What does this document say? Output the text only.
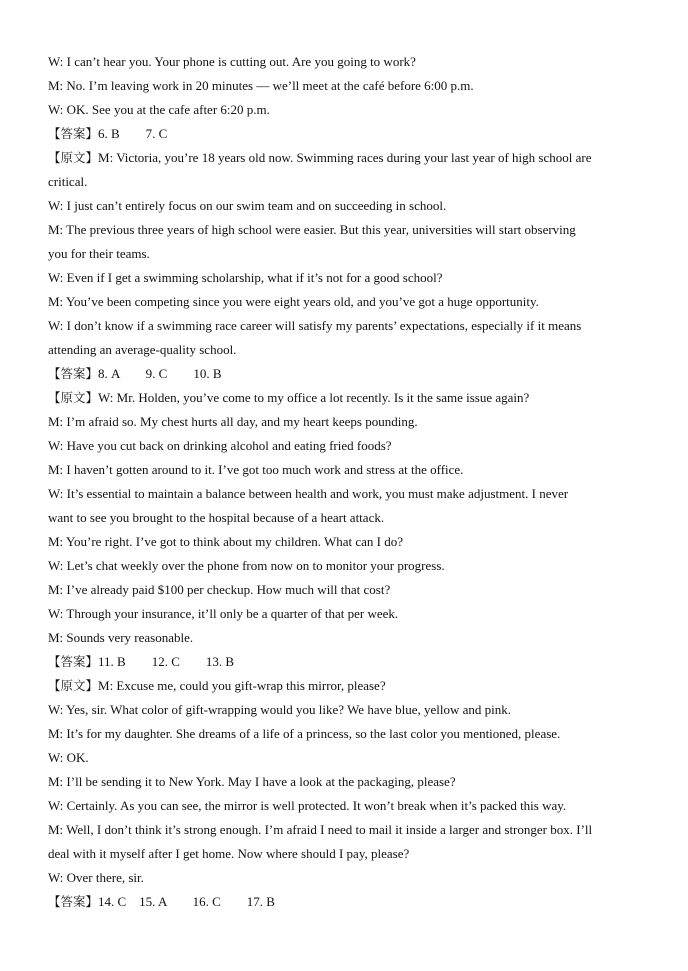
W: I can’t hear you. Your phone is cutting out. Are you going to work?
M: No. I’m leaving work in 20 minutes — we’ll meet at the café before 6:00 p.m.
W: OK. See you at the cafe after 6:20 p.m.
【答案】6. B        7. C
【原文】M: Victoria, you’re 18 years old now. Swimming races during your last year of high school are
critical.
W: I just can’t entirely focus on our swim team and on succeeding in school.
M: The previous three years of high school were easier. But this year, universities will start observing
you for their teams.
W: Even if I get a swimming scholarship, what if it’s not for a good school?
M: You’ve been competing since you were eight years old, and you’ve got a huge opportunity.
W: I don’t know if a swimming race career will satisfy my parents’ expectations, especially if it means
attending an average-quality school.
【答案】8. A        9. C        10. B
【原文】W: Mr. Holden, you’ve come to my office a lot recently. Is it the same issue again?
M: I’m afraid so. My chest hurts all day, and my heart keeps pounding.
W: Have you cut back on drinking alcohol and eating fried foods?
M: I haven’t gotten around to it. I’ve got too much work and stress at the office.
W: It’s essential to maintain a balance between health and work, you must make adjustment. I never
want to see you brought to the hospital because of a heart attack.
M: You’re right. I’ve got to think about my children. What can I do?
W: Let’s chat weekly over the phone from now on to monitor your progress.
M: I’ve already paid $100 per checkup. How much will that cost?
W: Through your insurance, it’ll only be a quarter of that per week.
M: Sounds very reasonable.
【答案】11. B        12. C        13. B
【原文】M: Excuse me, could you gift-wrap this mirror, please?
W: Yes, sir. What color of gift-wrapping would you like? We have blue, yellow and pink.
M: It’s for my daughter. She dreams of a life of a princess, so the last color you mentioned, please.
W: OK.
M: I’ll be sending it to New York. May I have a look at the packaging, please?
W: Certainly. As you can see, the mirror is well protected. It won’t break when it’s packed this way.
M: Well, I don’t think it’s strong enough. I’m afraid I need to mail it inside a larger and stronger box. I’ll
deal with it myself after I get home. Now where should I pay, please?
W: Over there, sir.
【答案】14. C    15. A        16. C        17. B
